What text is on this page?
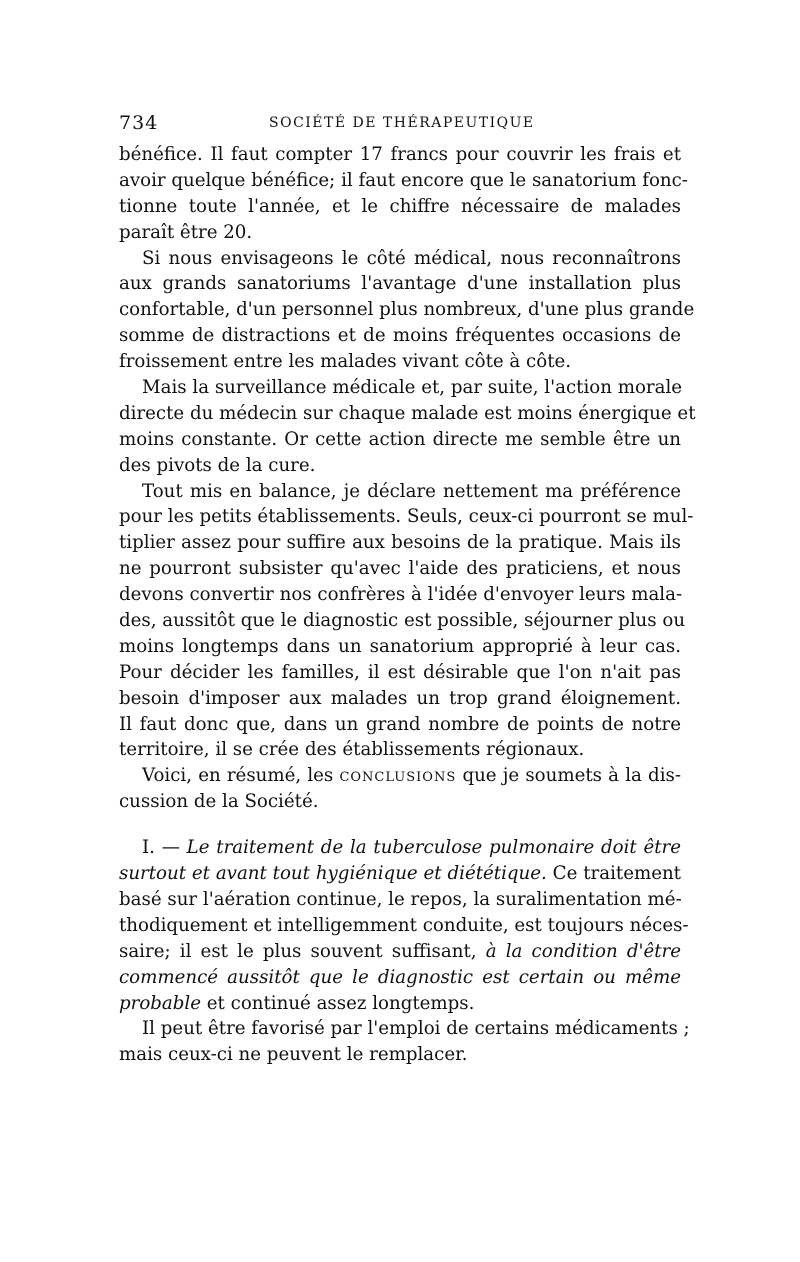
734	SOCIÉTÉ DE THÉRAPEUTIQUE
bénéfice. Il faut compter 17 francs pour couvrir les frais et
avoir quelque bénéfice; il faut encore que le sanatorium fonc-
tionne toute l'année, et le chiffre nécessaire de malades
paraît être 20.
Si nous envisageons le côté médical, nous reconnaîtrons
aux grands sanatoriums l'avantage d'une installation plus
confortable, d'un personnel plus nombreux, d'une plus grande
somme de distractions et de moins fréquentes occasions de
froissement entre les malades vivant côte à côte.
Mais la surveillance médicale et, par suite, l'action morale
directe du médecin sur chaque malade est moins énergique et
moins constante. Or cette action directe me semble être un
des pivots de la cure.
Tout mis en balance, je déclare nettement ma préférence
pour les petits établissements. Seuls, ceux-ci pourront se mul-
tiplier assez pour suffire aux besoins de la pratique. Mais ils
ne pourront subsister qu'avec l'aide des praticiens, et nous
devons convertir nos confrères à l'idée d'envoyer leurs mala-
des, aussitôt que le diagnostic est possible, séjourner plus ou
moins longtemps dans un sanatorium approprié à leur cas.
Pour décider les familles, il est désirable que l'on n'ait pas
besoin d'imposer aux malades un trop grand éloignement.
Il faut donc que, dans un grand nombre de points de notre
territoire, il se crée des établissements régionaux.
Voici, en résumé, les conclusions que je soumets à la dis-
cussion de la Société.
I. — Le traitement de la tuberculose pulmonaire doit être
surtout et avant tout hygiénique et diététique. Ce traitement
basé sur l'aération continue, le repos, la suralimentation mé-
thodiquement et intelligemment conduite, est toujours néces-
saire; il est le plus souvent suffisant, à la condition d'être
commencé aussitôt que le diagnostic est certain ou même
probable et continué assez longtemps.
Il peut être favorisé par l'emploi de certains médicaments ;
mais ceux-ci ne peuvent le remplacer.
